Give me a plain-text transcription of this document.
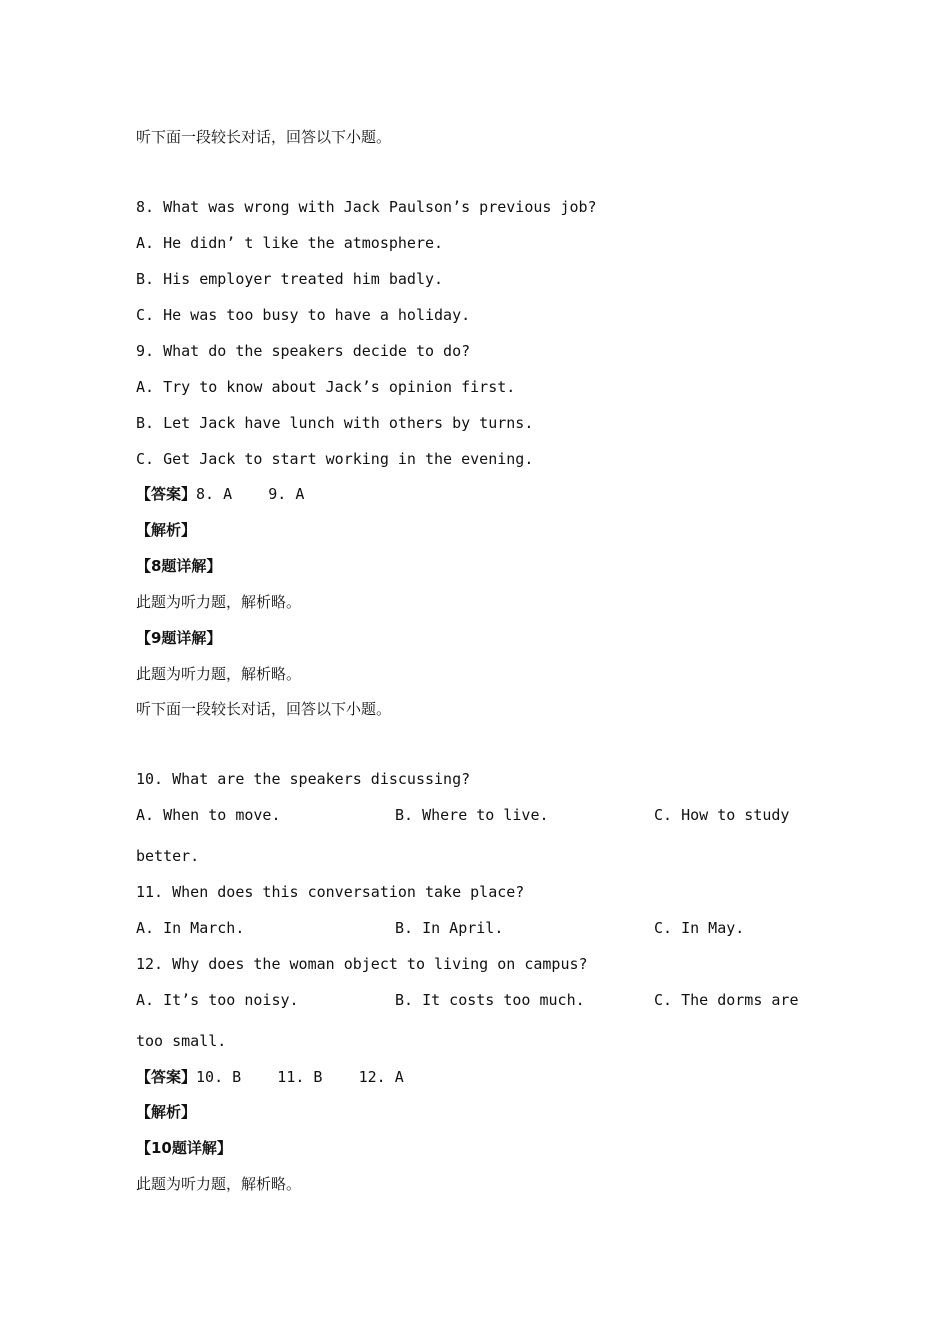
听下面一段较长对话，回答以下小题。
8. What was wrong with Jack Paulson’s previous job?
A. He didn’ t like the atmosphere.
B. His employer treated him badly.
C. He was too busy to have a holiday.
9. What do the speakers decide to do?
A. Try to know about Jack’s opinion first.
B. Let Jack have lunch with others by turns.
C. Get Jack to start working in the evening.
【答案】8. A    9. A
【解析】
【8题详解】
此题为听力题，解析略。
【9题详解】
此题为听力题，解析略。
听下面一段较长对话，回答以下小题。
10. What are the speakers discussing?
A. When to move.	B. Where to live.	C. How to study
better.
11. When does this conversation take place?
A. In March.	B. In April.	C. In May.
12. Why does the woman object to living on campus?
A. It’s too noisy.	B. It costs too much.	C. The dorms are
too small.
【答案】10. B    11. B    12. A
【解析】
【10题详解】
此题为听力题，解析略。
